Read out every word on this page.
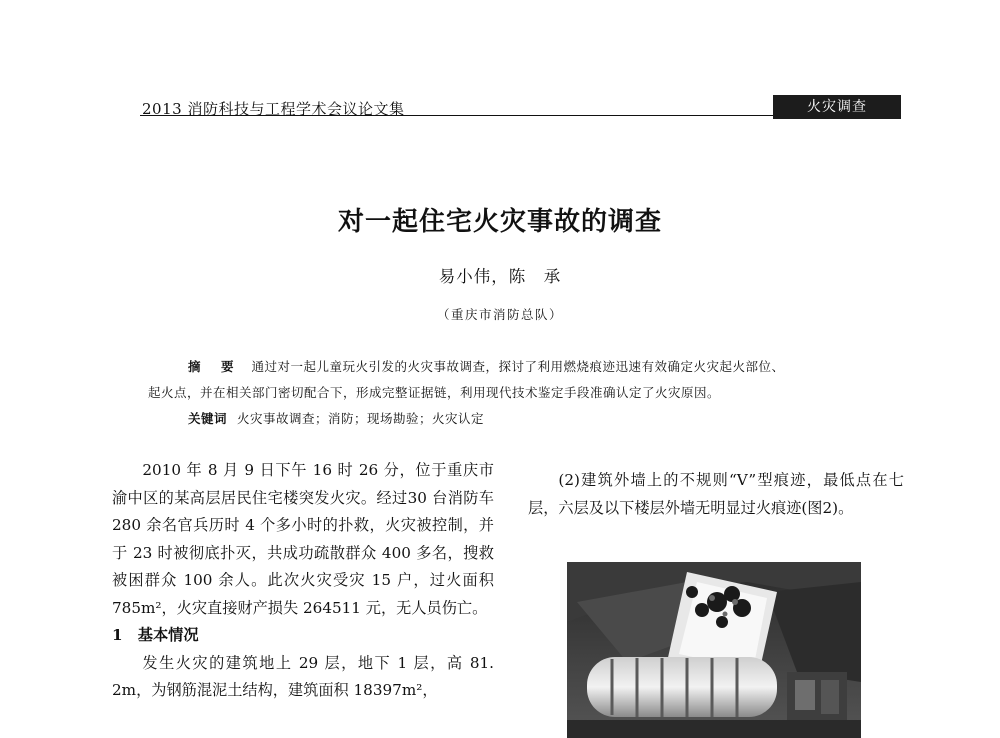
2013 消防科技与工程学术会议论文集	火灾调查
对一起住宅火灾事故的调查
易小伟，陈　承
（重庆市消防总队）
摘　要 通过对一起儿童玩火引发的火灾事故调查，探讨了利用燃烧痕迹迅速有效确定火灾起火部位、
起火点，并在相关部门密切配合下，形成完整证据链，利用现代技术鉴定手段准确认定了火灾原因。
关键词 火灾事故调查；消防；现场勘验；火灾认定

2010 年 8 月 9 日下午 16 时 26 分，位于重庆市渝中区的某高层居民住宅楼突发火灾。经过30 台消防车 280 余名官兵历时 4 个多小时的扑救，火灾被控制，并于 23 时被彻底扑灭，共成功疏散群众 400 多名，搜救被困群众 100 余人。此次火灾受灾 15 户，过火面积 785m²，火灾直接财产损失 264511 元，无人员伤亡。

1　基本情况

发生火灾的建筑地上 29 层，地下 1 层，高 81. 2m，为钢筋混泥土结构，建筑面积 18397m²，

(2)建筑外墙上的不规则“V”型痕迹，最低点在七层，六层及以下楼层外墙无明显过火痕迹(图2)。
